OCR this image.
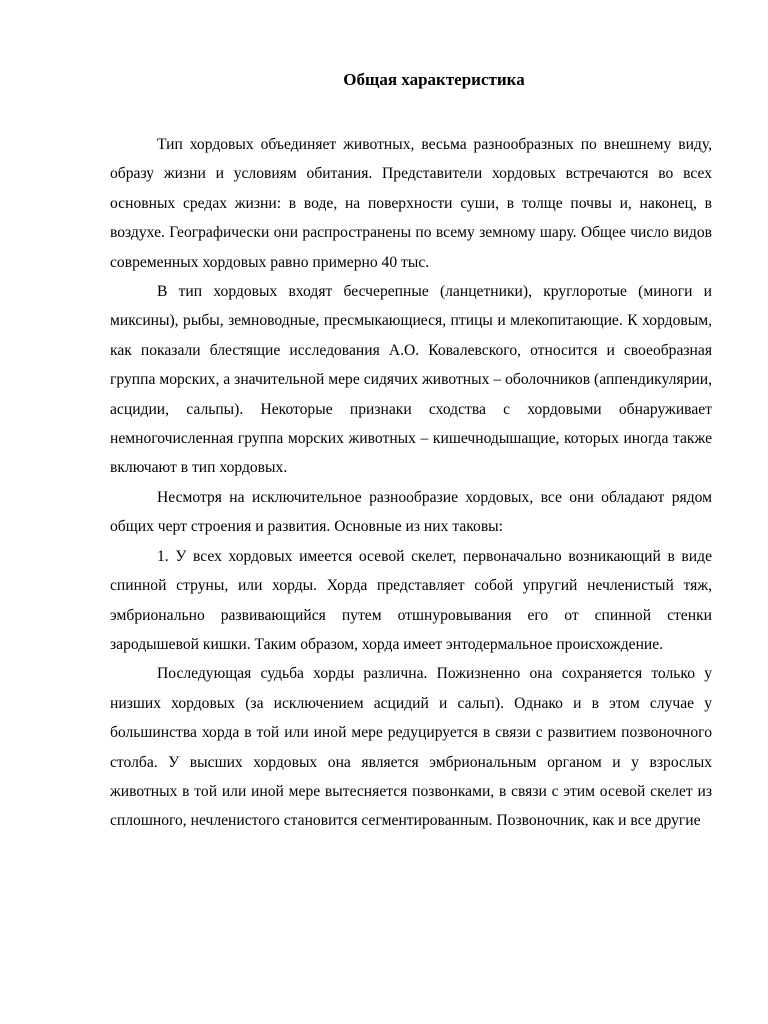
Общая характеристика

Тип хордовых объединяет животных, весьма разнообразных по внешнему виду, образу жизни и условиям обитания. Представители хордовых встречаются во всех основных средах жизни: в воде, на поверхности суши, в толще почвы и, наконец, в воздухе. Географически они распространены по всему земному шару. Общее число видов современных хордовых равно примерно 40 тыс.

В тип хордовых входят бесчерепные (ланцетники), круглоротые (миноги и миксины), рыбы, земноводные, пресмыкающиеся, птицы и млекопитающие. К хордовым, как показали блестящие исследования А.О. Ковалевского, относится и своеобразная группа морских, а значительной мере сидячих животных – оболочников (аппендикулярии, асцидии, сальпы). Некоторые признаки сходства с хордовыми обнаруживает немногочисленная группа морских животных – кишечнодышащие, которых иногда также включают в тип хордовых.

Несмотря на исключительное разнообразие хордовых, все они обладают рядом общих черт строения и развития. Основные из них таковы:

1. У всех хордовых имеется осевой скелет, первоначально возникающий в виде спинной струны, или хорды. Хорда представляет собой упругий нечленистый тяж, эмбрионально развивающийся путем отшнуровывания его от спинной стенки зародышевой кишки. Таким образом, хорда имеет энтодермальное происхождение.

Последующая судьба хорды различна. Пожизненно она сохраняется только у низших хордовых (за исключением асцидий и сальп). Однако и в этом случае у большинства хорда в той или иной мере редуцируется в связи с развитием позвоночного столба. У высших хордовых она является эмбриональным органом и у взрослых животных в той или иной мере вытесняется позвонками, в связи с этим осевой скелет из сплошного, нечленистого становится сегментированным. Позвоночник, как и все другие
